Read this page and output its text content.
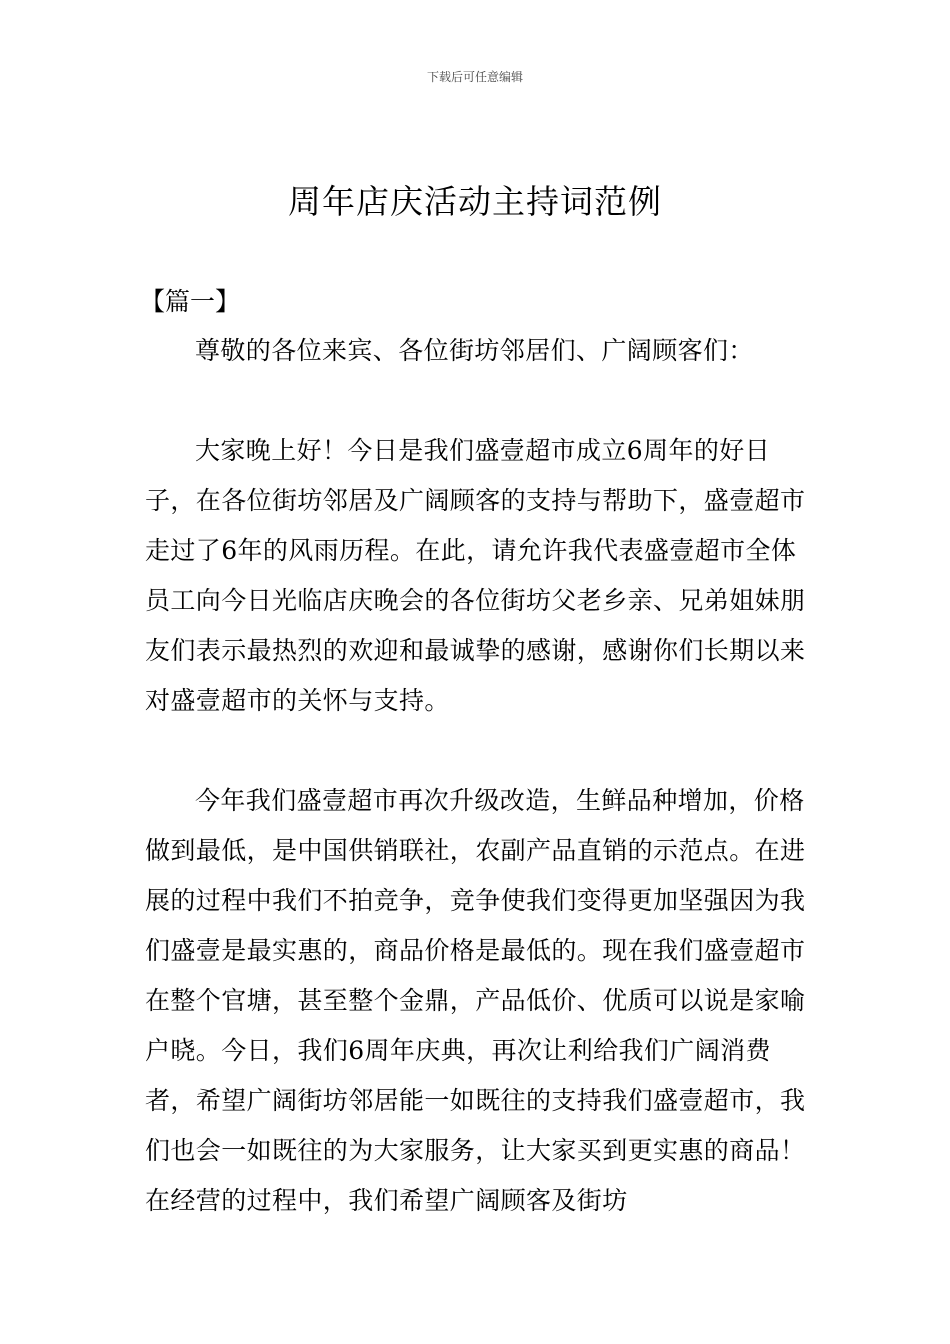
下载后可任意编辑
周年店庆活动主持词范例
【篇一】

尊敬的各位来宾、各位街坊邻居们、广阔顾客们：

大家晚上好！今日是我们盛壹超市成立6周年的好日子，在各位街坊邻居及广阔顾客的支持与帮助下，盛壹超市走过了6年的风雨历程。在此，请允许我代表盛壹超市全体员工向今日光临店庆晚会的各位街坊父老乡亲、兄弟姐妹朋友们表示最热烈的欢迎和最诚挚的感谢，感谢你们长期以来对盛壹超市的关怀与支持。

今年我们盛壹超市再次升级改造，生鲜品种增加，价格做到最低，是中国供销联社，农副产品直销的示范点。在进展的过程中我们不拍竞争，竞争使我们变得更加坚强因为我们盛壹是最实惠的，商品价格是最低的。现在我们盛壹超市在整个官塘，甚至整个金鼎，产品低价、优质可以说是家喻户晓。今日，我们6周年庆典，再次让利给我们广阔消费者，希望广阔街坊邻居能一如既往的支持我们盛壹超市，我们也会一如既往的为大家服务，让大家买到更实惠的商品！在经营的过程中，我们希望广阔顾客及街坊
